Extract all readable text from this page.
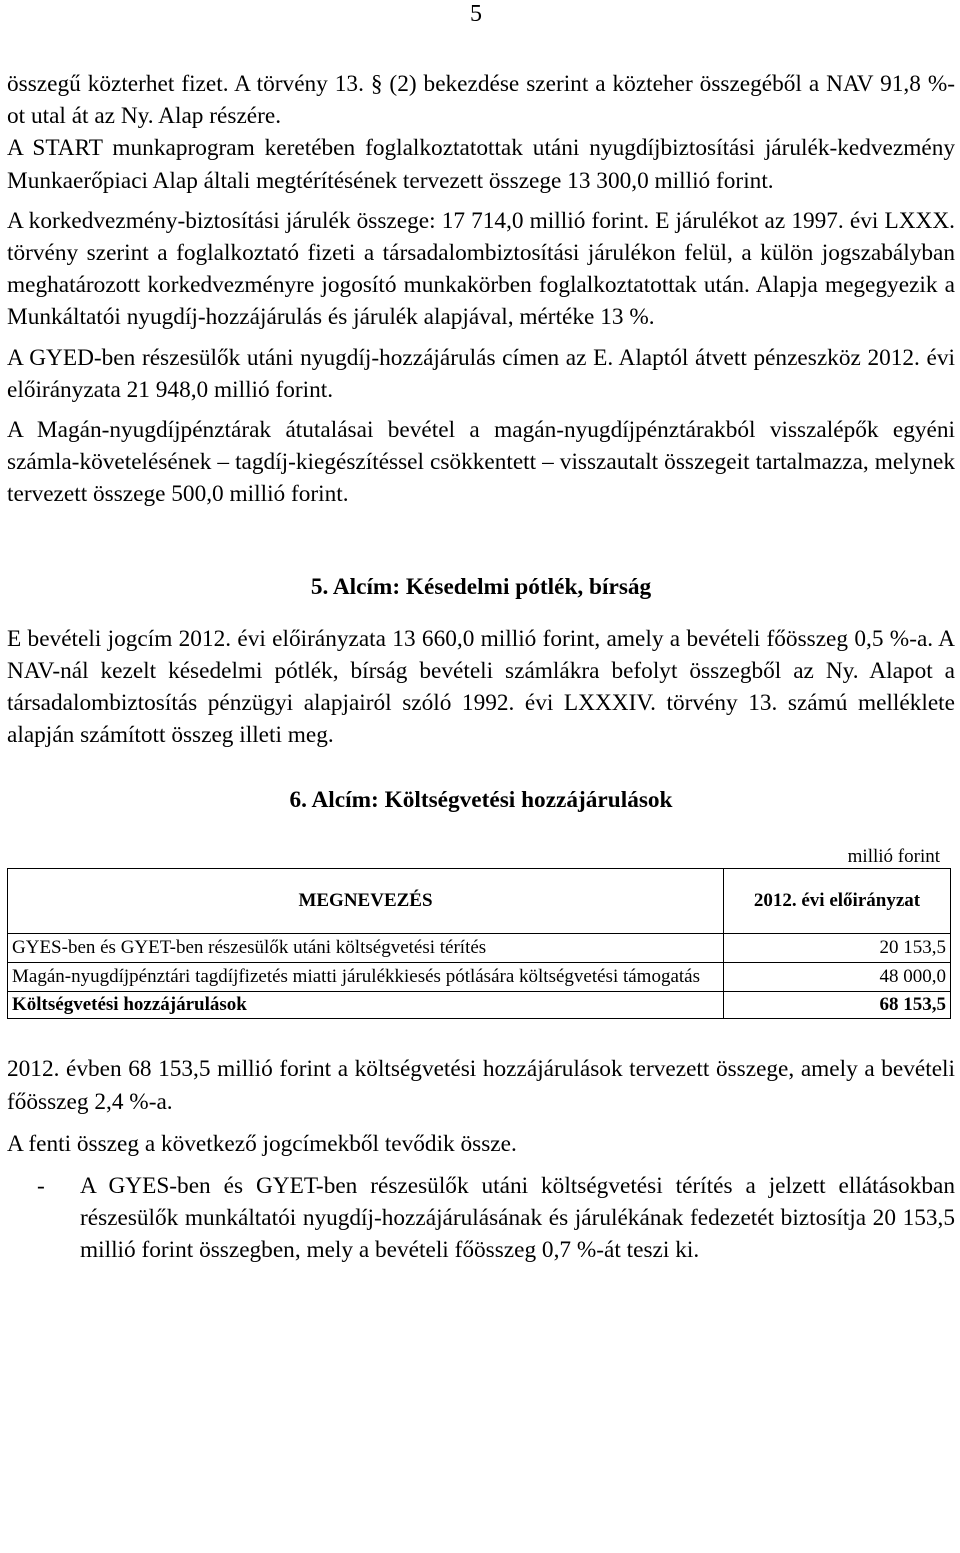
5

összegű közterhet fizet. A törvény 13. § (2) bekezdése szerint a közteher összegéből a NAV 91,8 %-ot utal át az Ny. Alap részére.

A START munkaprogram keretében foglalkoztatottak utáni nyugdíjbiztosítási járulék-kedvezmény Munkaerőpiaci Alap általi megtérítésének tervezett összege 13 300,0 millió forint.

A korkedvezmény-biztosítási járulék összege: 17 714,0 millió forint. E járulékot az 1997. évi LXXX. törvény szerint a foglalkoztató fizeti a társadalombiztosítási járulékon felül, a külön jogszabályban meghatározott korkedvezményre jogosító munkakörben foglalkoztatottak után. Alapja megegyezik a Munkáltatói nyugdíj-hozzájárulás és járulék alapjával, mértéke 13 %.

A GYED-ben részesülők utáni nyugdíj-hozzájárulás címen az E. Alaptól átvett pénzeszköz 2012. évi előirányzata 21 948,0 millió forint.

A Magán-nyugdíjpénztárak átutalásai bevétel a magán-nyugdíjpénztárakból visszalépők egyéni számla-követelésének – tagdíj-kiegészítéssel csökkentett – visszautalt összegeit tartalmazza, melynek tervezett összege 500,0 millió forint.

5. Alcím: Késedelmi pótlék, bírság

E bevételi jogcím 2012. évi előirányzata 13 660,0 millió forint, amely a bevételi főösszeg 0,5 %-a. A NAV-nál kezelt késedelmi pótlék, bírság bevételi számlákra befolyt összegből az Ny. Alapot a társadalombiztosítás pénzügyi alapjairól szóló 1992. évi LXXXIV. törvény 13. számú melléklete alapján számított összeg illeti meg.

6. Alcím: Költségvetési hozzájárulások
millió forint
MEGNEVEZÉS	2012. évi előirányzat
GYES-ben és GYET-ben részesülők utáni költségvetési térítés	20 153,5
Magán-nyugdíjpénztári tagdíjfizetés miatti járulékkiesés pótlására költségvetési támogatás	48 000,0
Költségvetési hozzájárulások	68 153,5

2012. évben 68 153,5 millió forint a költségvetési hozzájárulások tervezett összege, amely a bevételi főösszeg 2,4 %-a.

A fenti összeg a következő jogcímekből tevődik össze.

- A GYES-ben és GYET-ben részesülők utáni költségvetési térítés a jelzett ellátásokban részesülők munkáltatói nyugdíj-hozzájárulásának és járulékának fedezetét biztosítja 20 153,5 millió forint összegben, mely a bevételi főösszeg 0,7 %-át teszi ki.
